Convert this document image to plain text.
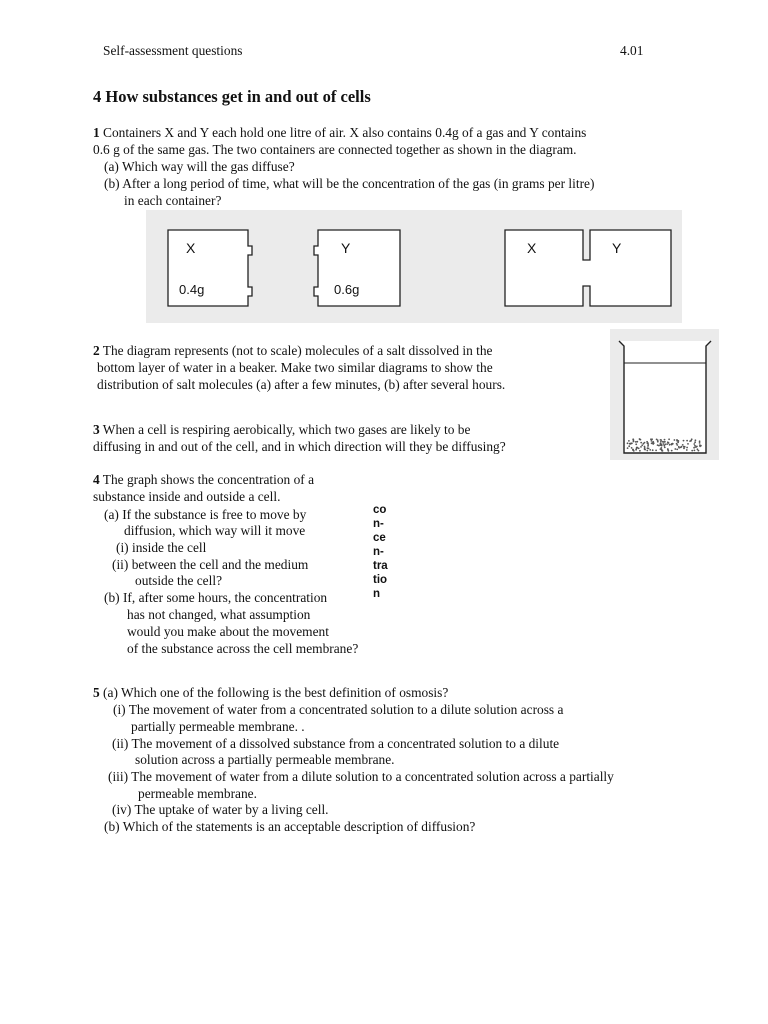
Self-assessment questions	4.01
4 How substances get in and out of cells
1 Containers X and Y each hold one litre of air. X also contains 0.4g of a gas and Y contains
0.6 g of the same gas. The two containers are connected together as shown in the diagram.
(a) Which way will the gas diffuse?
(b) After a long period of time, what will be the concentration of the gas (in grams per litre)
in each container?
X	Y
0.4g	0.6g
X	Y
2 The diagram represents (not to scale) molecules of a salt dissolved in the
bottom layer of water in a beaker. Make two similar diagrams to show the
distribution of salt molecules (a) after a few minutes, (b) after several hours.
3 When a cell is respiring aerobically, which two gases are likely to be
diffusing in and out of the cell, and in which direction will they be diffusing?
4 The graph shows the concentration of a
substance inside and outside a cell.
(a) If the substance is free to move by
diffusion, which way will it move
(i) inside the cell
(ii) between the cell and the medium
outside the cell?
(b) If, after some hours, the concentration
has not changed, what assumption
would you make about the movement
of the substance across the cell membrane?
co
n-
ce
n-
tra
tio
n
5 (a) Which one of the following is the best definition of osmosis?
(i) The movement of water from a concentrated solution to a dilute solution across a
partially permeable membrane. .
(ii) The movement of a dissolved substance from a concentrated solution to a dilute
solution across a partially permeable membrane.
(iii) The movement of water from a dilute solution to a concentrated solution across a partially
permeable membrane.
(iv) The uptake of water by a living cell.
(b) Which of the statements is an acceptable description of diffusion?
